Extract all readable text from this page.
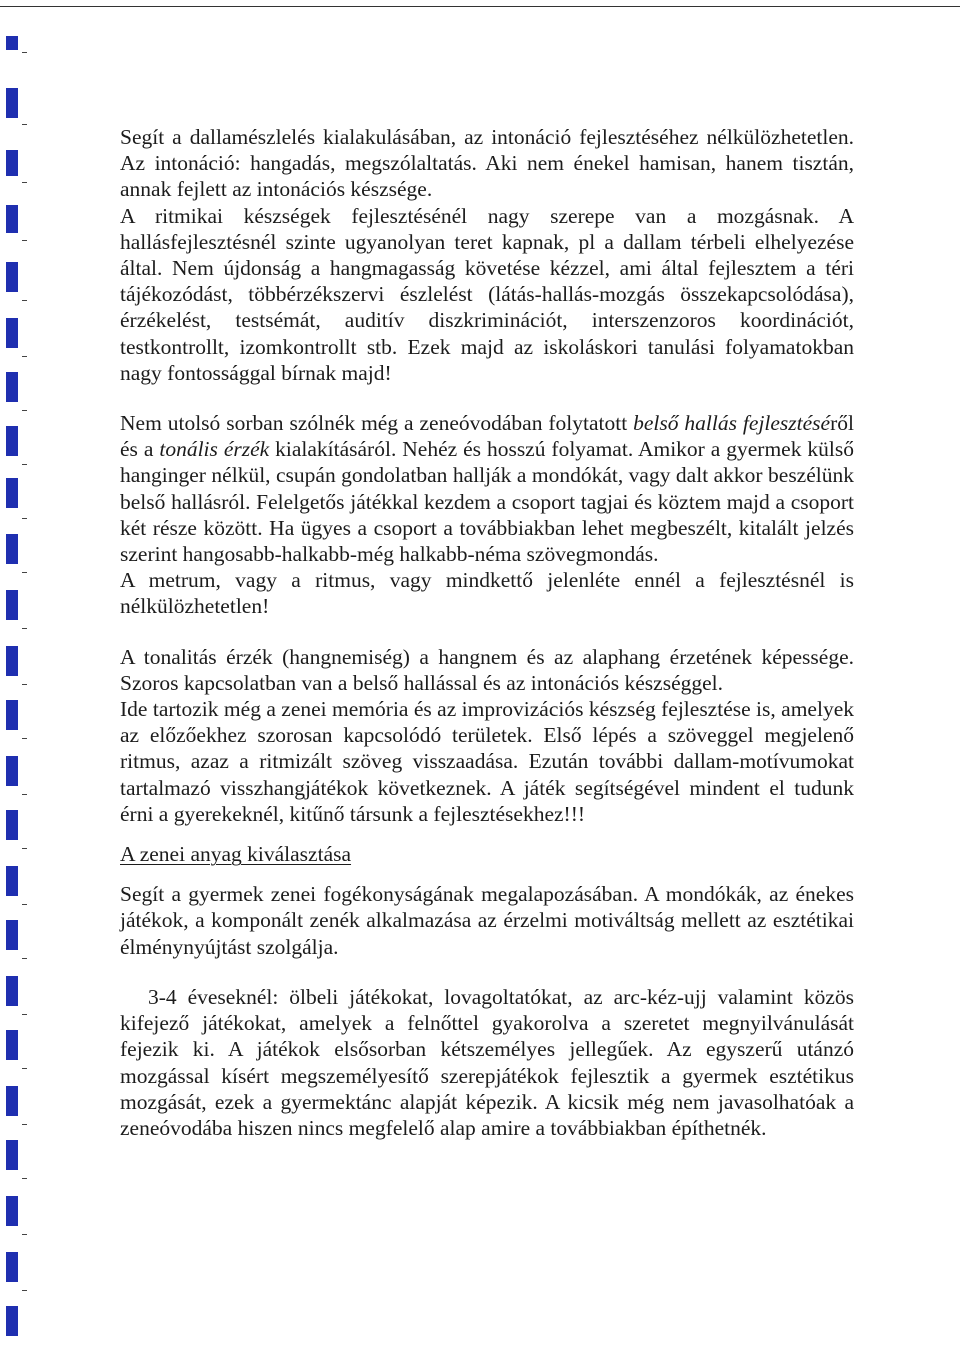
Segít a dallamészlelés kialakulásában, az intonáció fejlesztéséhez nélkülözhetetlen. Az intonáció: hangadás, megszólaltatás. Aki nem énekel hamisan, hanem tisztán, annak fejlett az intonációs készsége.

A ritmikai készségek fejlesztésénél nagy szerepe van a mozgásnak. A hallásfejlesztésnél szinte ugyanolyan teret kapnak, pl a dallam térbeli elhelyezése által. Nem újdonság a hangmagasság követése kézzel, ami által fejlesztem a téri tájékozódást, többérzékszervi észlelést (látás-hallás-mozgás összekapcsolódása), érzékelést, testsémát, auditív diszkriminációt, interszenzoros koordinációt, testkontrollt, izomkontrollt stb. Ezek majd az iskoláskori tanulási folyamatokban nagy fontossággal bírnak majd!

Nem utolsó sorban szólnék még a zeneóvodában folytatott belső hallás fejlesztéséről és a tonális érzék kialakításáról. Nehéz és hosszú folyamat. Amikor a gyermek külső hanginger nélkül, csupán gondolatban hallják a mondókát, vagy dalt akkor beszélünk belső hallásról. Felelgetős játékkal kezdem a csoport tagjai és köztem majd a csoport két része között. Ha ügyes a csoport a továbbiakban lehet megbeszélt, kitalált jelzés szerint hangosabb-halkabb-még halkabb-néma szövegmondás.

A metrum, vagy a ritmus, vagy mindkettő jelenléte ennél a fejlesztésnél is nélkülözhetetlen!

A tonalitás érzék (hangnemiség) a hangnem és az alaphang érzetének képessége. Szoros kapcsolatban van a belső hallással és az intonációs készséggel.

Ide tartozik még a zenei memória és az improvizációs készség fejlesztése is, amelyek az előzőekhez szorosan kapcsolódó területek. Első lépés a szöveggel megjelenő ritmus, azaz a ritmizált szöveg visszaadása. Ezután további dallam-motívumokat tartalmazó visszhangjátékok következnek. A játék segítségével mindent el tudunk érni a gyerekeknél, kitűnő társunk a fejlesztésekhez!!!

A zenei anyag kiválasztása

Segít a gyermek zenei fogékonyságának megalapozásában. A mondókák, az énekes játékok, a komponált zenék alkalmazása az érzelmi motiváltság mellett az esztétikai élménynyújtást szolgálja.

3-4 éveseknél: ölbeli játékokat, lovagoltatókat, az arc-kéz-ujj valamint közös kifejező játékokat, amelyek a felnőttel gyakorolva a szeretet megnyilvánulását fejezik ki. A játékok elsősorban kétszemélyes jellegűek. Az egyszerű utánzó mozgással kísért megszemélyesítő szerepjátékok fejlesztik a gyermek esztétikus mozgását, ezek a gyermektánc alapját képezik. A kicsik még nem javasolhatóak a zeneóvodába hiszen nincs megfelelő alap amire a továbbiakban építhetnék.
